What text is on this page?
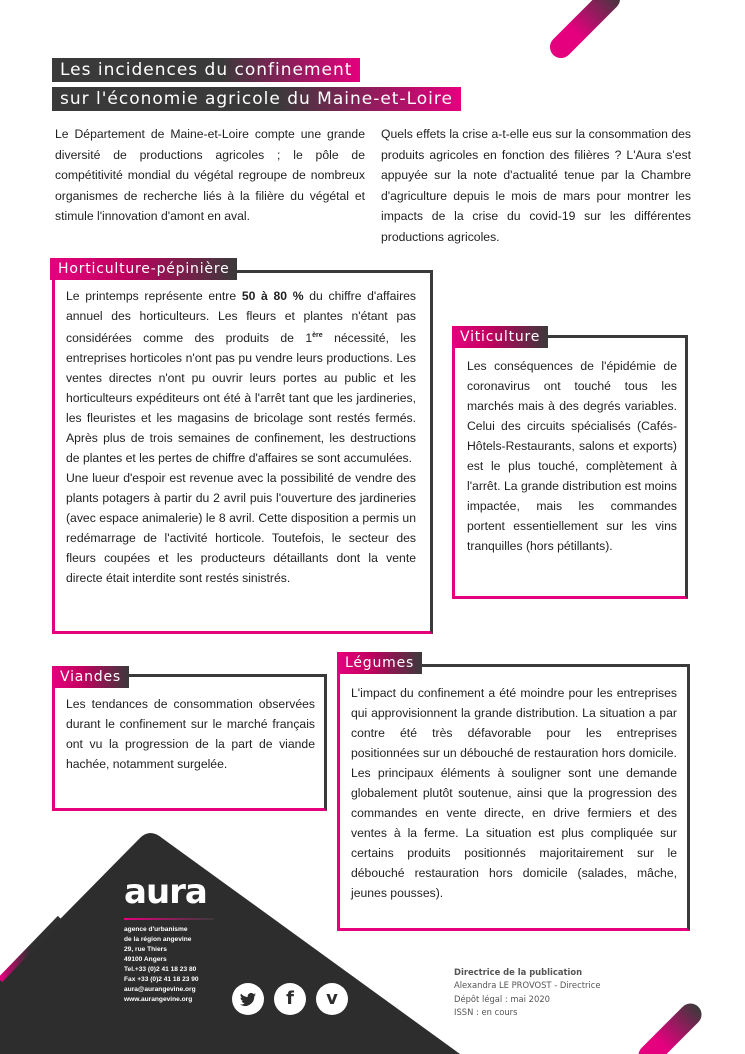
Les incidences du confinement
sur l'économie agricole du Maine-et-Loire

Le Département de Maine-et-Loire compte une grande diversité de productions agricoles ; le pôle de compétitivité mondial du végétal regroupe de nombreux organismes de recherche liés à la filière du végétal et stimule l'innovation d'amont en aval.

Quels effets la crise a-t-elle eus sur la consommation des produits agricoles en fonction des filières ? L'Aura s'est appuyée sur la note d'actualité tenue par la Chambre d'agriculture depuis le mois de mars pour montrer les impacts de la crise du covid-19 sur les différentes productions agricoles.

Horticulture-pépinière

Le printemps représente entre 50 à 80 % du chiffre d'affaires annuel des horticulteurs. Les fleurs et plantes n'étant pas considérées comme des produits de 1ère nécessité, les entreprises horticoles n'ont pas pu vendre leurs productions. Les ventes directes n'ont pu ouvrir leurs portes au public et les horticulteurs expéditeurs ont été à l'arrêt tant que les jardineries, les fleuristes et les magasins de bricolage sont restés fermés. Après plus de trois semaines de confinement, les destructions de plantes et les pertes de chiffre d'affaires se sont accumulées.

Une lueur d'espoir est revenue avec la possibilité de vendre des plants potagers à partir du 2 avril puis l'ouverture des jardineries (avec espace animalerie) le 8 avril. Cette disposition a permis un redémarrage de l'activité horticole. Toutefois, le secteur des fleurs coupées et les producteurs détaillants dont la vente directe était interdite sont restés sinistrés.

Viticulture
Les conséquences de l'épidémie de coronavirus ont touché tous les marchés mais à des degrés variables. Celui des circuits spécialisés (Cafés-Hôtels-Restaurants, salons et exports) est le plus touché, complètement à l'arrêt. La grande distribution est moins impactée, mais les commandes portent essentiellement sur les vins tranquilles (hors pétillants).
Viandes
Les tendances de consommation observées durant le confinement sur le marché français ont vu la progression de la part de viande hachée, notamment surgelée.
Légumes

L'impact du confinement a été moindre pour les entreprises qui approvisionnent la grande distribution. La situation a par contre été très défavorable pour les entreprises positionnées sur un débouché de restauration hors domicile.

Les principaux éléments à souligner sont une demande globalement plutôt soutenue, ainsi que la progression des commandes en vente directe, en drive fermiers et des ventes à la ferme. La situation est plus compliquée sur certains produits positionnés majoritairement sur le débouché restauration hors domicile (salades, mâche, jeunes pousses).

aura
agence d'urbanisme
de la région angevine
29, rue Thiers
49100 Angers
Tel.+33 (0)2 41 18 23 80
Fax +33 (0)2 41 18 23 90
aura@aurangevine.org
www.aurangevine.org	f	v
Directrice de la publication
Alexandra LE PROVOST - Directrice
Dépôt légal : mai 2020
ISSN : en cours
